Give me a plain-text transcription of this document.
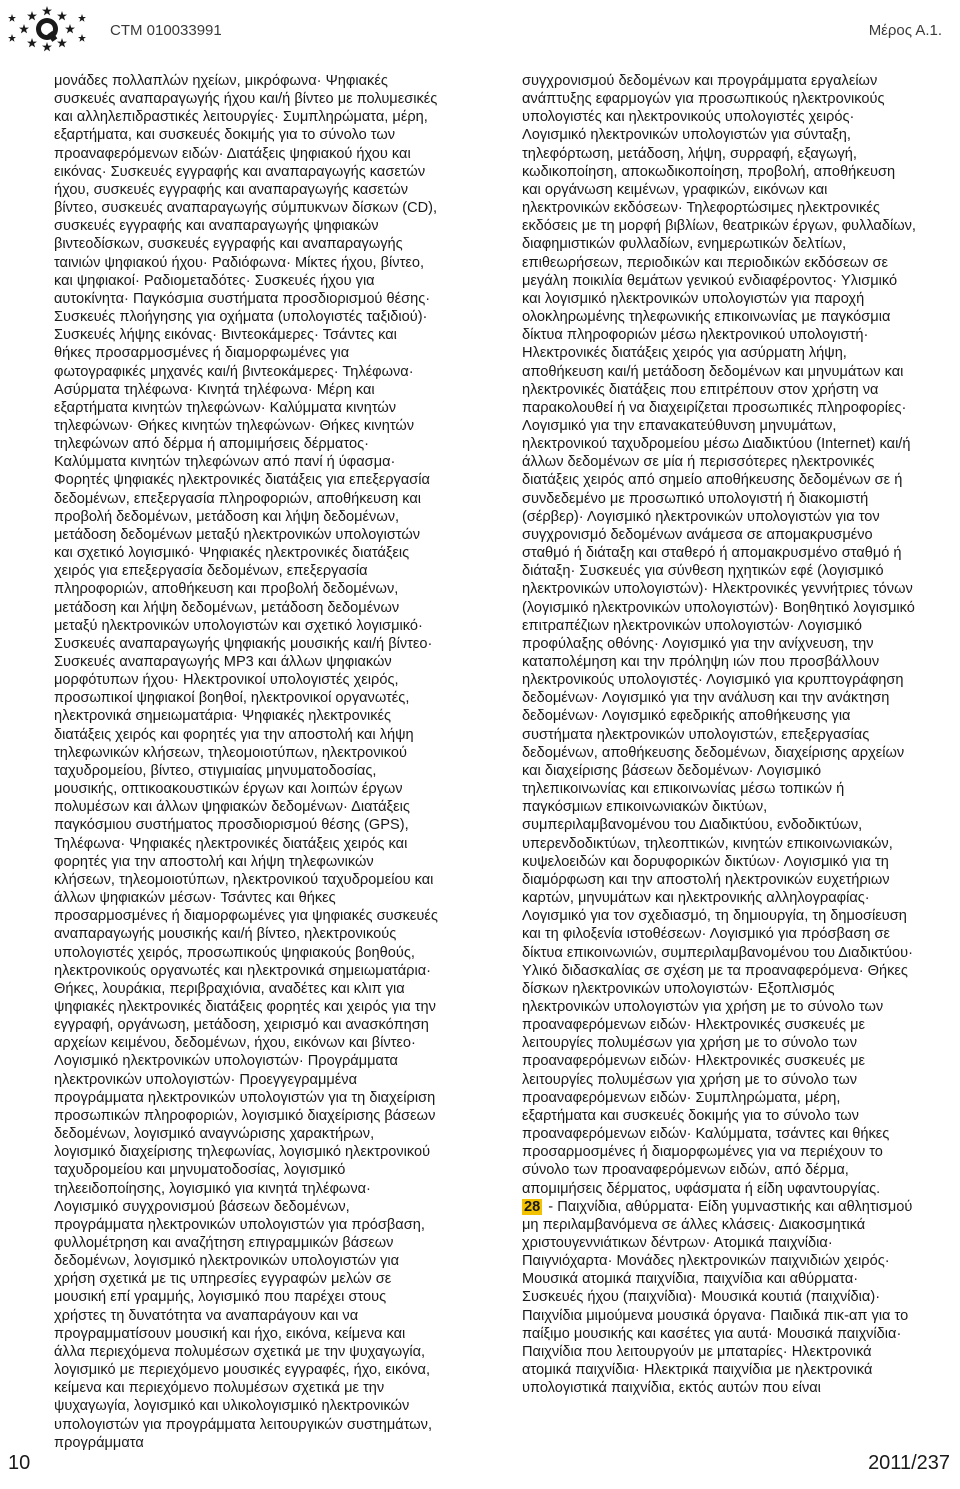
CTM 010033991	Μέρος Α.1.

μονάδες πολλαπλών ηχείων, μικρόφωνα· Ψηφιακές συσκευές αναπαραγωγής ήχου και/ή βίντεο με πολυμεσικές και αλληλεπιδραστικές λειτουργίες· Συμπληρώματα, μέρη, εξαρτήματα, και συσκευές δοκιμής για το σύνολο των προαναφερόμενων ειδών· Διατάξεις ψηφιακού ήχου και εικόνας· Συσκευές εγγραφής και αναπαραγωγής κασετών ήχου, συσκευές εγγραφής και αναπαραγωγής κασετών βίντεο, συσκευές αναπαραγωγής σύμπυκνων δίσκων (CD), συσκευές εγγραφής και αναπαραγωγής ψηφιακών βιντεοδίσκων, συσκευές εγγραφής και αναπαραγωγής ταινιών ψηφιακού ήχου· Ραδιόφωνα· Μίκτες ήχου, βίντεο, και ψηφιακοί· Ραδιομεταδότες· Συσκευές ήχου για αυτοκίνητα· Παγκόσμια συστήματα προσδιορισμού θέσης· Συσκευές πλοήγησης για οχήματα (υπολογιστές ταξιδιού)· Συσκευές λήψης εικόνας· Βιντεοκάμερες· Τσάντες και θήκες προσαρμοσμένες ή διαμορφωμένες για φωτογραφικές μηχανές και/ή βιντεοκάμερες· Τηλέφωνα· Ασύρματα τηλέφωνα· Κινητά τηλέφωνα· Μέρη και εξαρτήματα κινητών τηλεφώνων· Καλύμματα κινητών τηλεφώνων· Θήκες κινητών τηλεφώνων· Θήκες κινητών τηλεφώνων από δέρμα ή απομιμήσεις δέρματος· Καλύμματα κινητών τηλεφώνων από πανί ή ύφασμα· Φορητές ψηφιακές ηλεκτρονικές διατάξεις για επεξεργασία δεδομένων, επεξεργασία πληροφοριών, αποθήκευση και προβολή δεδομένων, μετάδοση και λήψη δεδομένων, μετάδοση δεδομένων μεταξύ ηλεκτρονικών υπολογιστών και σχετικό λογισμικό· Ψηφιακές ηλεκτρονικές διατάξεις χειρός για επεξεργασία δεδομένων, επεξεργασία πληροφοριών, αποθήκευση και προβολή δεδομένων, μετάδοση και λήψη δεδομένων, μετάδοση δεδομένων μεταξύ ηλεκτρονικών υπολογιστών και σχετικό λογισμικό· Συσκευές αναπαραγωγής ψηφιακής μουσικής και/ή βίντεο· Συσκευές αναπαραγωγής MP3 και άλλων ψηφιακών μορφότυπων ήχου· Ηλεκτρονικοί υπολογιστές χειρός, προσωπικοί ψηφιακοί βοηθοί, ηλεκτρονικοί οργανωτές, ηλεκτρονικά σημειωματάρια· Ψηφιακές ηλεκτρονικές διατάξεις χειρός και φορητές για την αποστολή και λήψη τηλεφωνικών κλήσεων, τηλεομοιοτύπων, ηλεκτρονικού ταχυδρομείου, βίντεο, στιγμιαίας μηνυματοδοσίας, μουσικής, οπτικοακουστικών έργων και λοιπών έργων πολυμέσων και άλλων ψηφιακών δεδομένων· Διατάξεις παγκόσμιου συστήματος προσδιορισμού θέσης (GPS), Τηλέφωνα· Ψηφιακές ηλεκτρονικές διατάξεις χειρός και φορητές για την αποστολή και λήψη τηλεφωνικών κλήσεων, τηλεομοιοτύπων, ηλεκτρονικού ταχυδρομείου και άλλων ψηφιακών μέσων· Τσάντες και θήκες προσαρμοσμένες ή διαμορφωμένες για ψηφιακές συσκευές αναπαραγωγής μουσικής και/ή βίντεο, ηλεκτρονικούς υπολογιστές χειρός, προσωπικούς ψηφιακούς βοηθούς, ηλεκτρονικούς οργανωτές και ηλεκτρονικά σημειωματάρια· Θήκες, λουράκια, περιβραχιόνια, αναδέτες και κλιπ για ψηφιακές ηλεκτρονικές διατάξεις φορητές και χειρός για την εγγραφή, οργάνωση, μετάδοση, χειρισμό και ανασκόπηση αρχείων κειμένου, δεδομένων, ήχου, εικόνων και βίντεο· Λογισμικό ηλεκτρονικών υπολογιστών· Προγράμματα ηλεκτρονικών υπολογιστών· Προεγγεγραμμένα προγράμματα ηλεκτρονικών υπολογιστών για τη διαχείριση προσωπικών πληροφοριών, λογισμικό διαχείρισης βάσεων δεδομένων, λογισμικό αναγνώρισης χαρακτήρων, λογισμικό διαχείρισης τηλεφωνίας, λογισμικό ηλεκτρονικού ταχυδρομείου και μηνυματοδοσίας, λογισμικό τηλεειδοποίησης, λογισμικό για κινητά τηλέφωνα· Λογισμικό συγχρονισμού βάσεων δεδομένων, προγράμματα ηλεκτρονικών υπολογιστών για πρόσβαση, φυλλομέτρηση και αναζήτηση επιγραμμικών βάσεων δεδομένων, λογισμικό ηλεκτρονικών υπολογιστών για χρήση σχετικά με τις υπηρεσίες εγγραφών μελών σε μουσική επί γραμμής, λογισμικό που παρέχει στους χρήστες τη δυνατότητα να αναπαράγουν και να προγραμματίσουν μουσική και ήχο, εικόνα, κείμενα και άλλα περιεχόμενα πολυμέσων σχετικά με την ψυχαγωγία, λογισμικό με περιεχόμενο μουσικές εγγραφές, ήχο, εικόνα, κείμενα και περιεχόμενο πολυμέσων σχετικά με την ψυχαγωγία, λογισμικό και υλικολογισμικό ηλεκτρονικών υπολογιστών για προγράμματα λειτουργικών συστημάτων, προγράμματα

συγχρονισμού δεδομένων και προγράμματα εργαλείων ανάπτυξης εφαρμογών για προσωπικούς ηλεκτρονικούς υπολογιστές και ηλεκτρονικούς υπολογιστές χειρός· Λογισμικό ηλεκτρονικών υπολογιστών για σύνταξη, τηλεφόρτωση, μετάδοση, λήψη, συρραφή, εξαγωγή, κωδικοποίηση, αποκωδικοποίηση, προβολή, αποθήκευση και οργάνωση κειμένων, γραφικών, εικόνων και ηλεκτρονικών εκδόσεων· Τηλεφορτώσιμες ηλεκτρονικές εκδόσεις με τη μορφή βιβλίων, θεατρικών έργων, φυλλαδίων, διαφημιστικών φυλλαδίων, ενημερωτικών δελτίων, επιθεωρήσεων, περιοδικών και περιοδικών εκδόσεων σε μεγάλη ποικιλία θεμάτων γενικού ενδιαφέροντος· Υλισμικό και λογισμικό ηλεκτρονικών υπολογιστών για παροχή ολοκληρωμένης τηλεφωνικής επικοινωνίας με παγκόσμια δίκτυα πληροφοριών μέσω ηλεκτρονικού υπολογιστή· Ηλεκτρονικές διατάξεις χειρός για ασύρματη λήψη, αποθήκευση και/ή μετάδοση δεδομένων και μηνυμάτων και ηλεκτρονικές διατάξεις που επιτρέπουν στον χρήστη να παρακολουθεί ή να διαχειρίζεται προσωπικές πληροφορίες· Λογισμικό για την επανακατεύθυνση μηνυμάτων, ηλεκτρονικού ταχυδρομείου μέσω Διαδικτύου (Internet) και/ή άλλων δεδομένων σε μία ή περισσότερες ηλεκτρονικές διατάξεις χειρός από σημείο αποθήκευσης δεδομένων σε ή συνδεδεμένο με προσωπικό υπολογιστή ή διακομιστή (σέρβερ)· Λογισμικό ηλεκτρονικών υπολογιστών για τον συγχρονισμό δεδομένων ανάμεσα σε απομακρυσμένο σταθμό ή διάταξη και σταθερό ή απομακρυσμένο σταθμό ή διάταξη· Συσκευές για σύνθεση ηχητικών εφέ (λογισμικό ηλεκτρονικών υπολογιστών)· Ηλεκτρονικές γεννήτριες τόνων (λογισμικό ηλεκτρονικών υπολογιστών)· Βοηθητικό λογισμικό επιτραπέζιων ηλεκτρονικών υπολογιστών· Λογισμικό προφύλαξης οθόνης· Λογισμικό για την ανίχνευση, την καταπολέμηση και την πρόληψη ιών που προσβάλλουν ηλεκτρονικούς υπολογιστές· Λογισμικό για κρυπτογράφηση δεδομένων· Λογισμικό για την ανάλυση και την ανάκτηση δεδομένων· Λογισμικό εφεδρικής αποθήκευσης για συστήματα ηλεκτρονικών υπολογιστών, επεξεργασίας δεδομένων, αποθήκευσης δεδομένων, διαχείρισης αρχείων και διαχείρισης βάσεων δεδομένων· Λογισμικό τηλεπικοινωνίας και επικοινωνίας μέσω τοπικών ή παγκόσμιων επικοινωνιακών δικτύων, συμπεριλαμβανομένου του Διαδικτύου, ενδοδικτύων, υπερενδοδικτύων, τηλεοπτικών, κινητών επικοινωνιακών, κυψελοειδών και δορυφορικών δικτύων· Λογισμικό για τη διαμόρφωση και την αποστολή ηλεκτρονικών ευχετήριων καρτών, μηνυμάτων και ηλεκτρονικής αλληλογραφίας· Λογισμικό για τον σχεδιασμό, τη δημιουργία, τη δημοσίευση και τη φιλοξενία ιστοθέσεων· Λογισμικό για πρόσβαση σε δίκτυα επικοινωνιών, συμπεριλαμβανομένου του Διαδικτύου· Υλικό διδασκαλίας σε σχέση με τα προαναφερόμενα· Θήκες δίσκων ηλεκτρονικών υπολογιστών· Εξοπλισμός ηλεκτρονικών υπολογιστών για χρήση με το σύνολο των προαναφερόμενων ειδών· Ηλεκτρονικές συσκευές με λειτουργίες πολυμέσων για χρήση με το σύνολο των προαναφερόμενων ειδών· Ηλεκτρονικές συσκευές με λειτουργίες πολυμέσων για χρήση με το σύνολο των προαναφερόμενων ειδών· Συμπληρώματα, μέρη, εξαρτήματα και συσκευές δοκιμής για το σύνολο των προαναφερόμενων ειδών· Καλύμματα, τσάντες και θήκες προσαρμοσμένες ή διαμορφωμένες για να περιέχουν το σύνολο των προαναφερόμενων ειδών, από δέρμα, απομιμήσεις δέρματος, υφάσματα ή είδη υφαντουργίας.

28 - Παιχνίδια, αθύρματα· Είδη γυμναστικής και αθλητισμού μη περιλαμβανόμενα σε άλλες κλάσεις· Διακοσμητικά χριστουγεννιάτικων δέντρων· Ατομικά παιχνίδια· Παιγνιόχαρτα· Μονάδες ηλεκτρονικών παιχνιδιών χειρός· Μουσικά ατομικά παιχνίδια, παιχνίδια και αθύρματα· Συσκευές ήχου (παιχνίδια)· Μουσικά κουτιά (παιχνίδια)· Παιχνίδια μιμούμενα μουσικά όργανα· Παιδικά πικ-απ για το παίξιμο μουσικής και κασέτες για αυτά· Μουσικά παιχνίδια· Παιχνίδια που λειτουργούν με μπαταρίες· Ηλεκτρονικά ατομικά παιχνίδια· Ηλεκτρικά παιχνίδια με ηλεκτρονικά υπολογιστικά παιχνίδια, εκτός αυτών που είναι

10	2011/237
